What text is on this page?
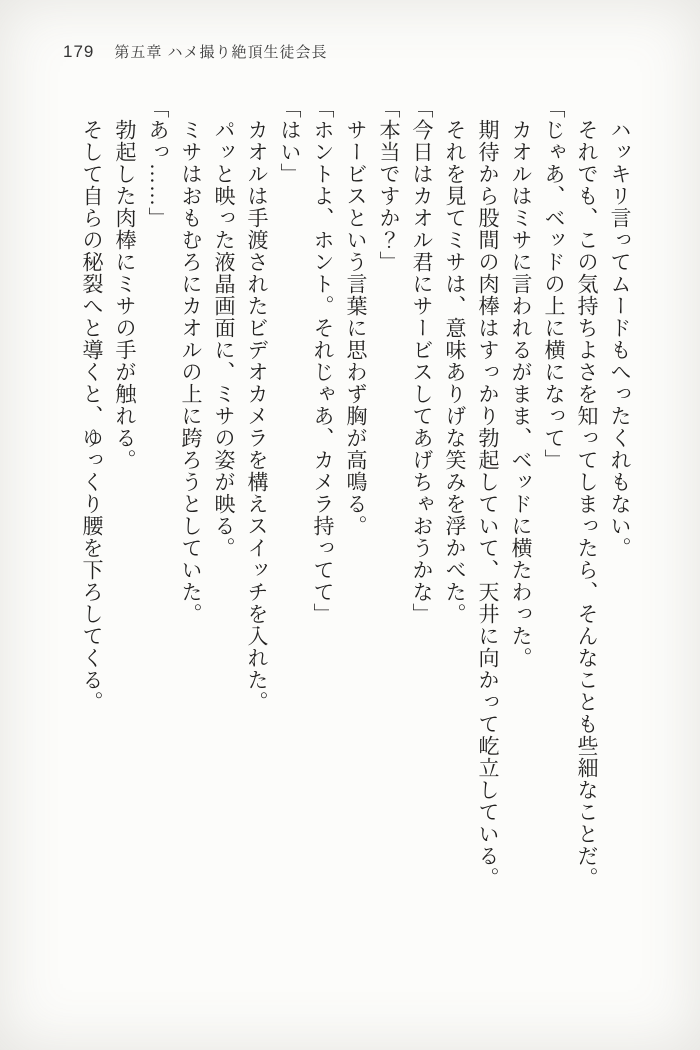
179 第五章 ハメ撮り絶頂生徒会長

　ハッキリ言ってムードもへったくれもない。

　それでも、この気持ちよさを知ってしまったら、そんなことも些細なことだ。

「じゃあ、ベッドの上に横になって」

　カオルはミサに言われるがまま、ベッドに横たわった。

　期待から股間の肉棒はすっかり勃起していて、天井に向かって屹立している。

　それを見てミサは、意味ありげな笑みを浮かべた。

「今日はカオル君にサービスしてあげちゃおうかな」

「本当ですか？」

　サービスという言葉に思わず胸が高鳴る。

「ホントよ、ホント。それじゃあ、カメラ持ってて」

「はい」

　カオルは手渡されたビデオカメラを構えスイッチを入れた。

　パッと映った液晶画面に、ミサの姿が映る。

　ミサはおもむろにカオルの上に跨ろうとしていた。

「あっ……」

　勃起した肉棒にミサの手が触れる。

　そして自らの秘裂へと導くと、ゆっくり腰を下ろしてくる。
